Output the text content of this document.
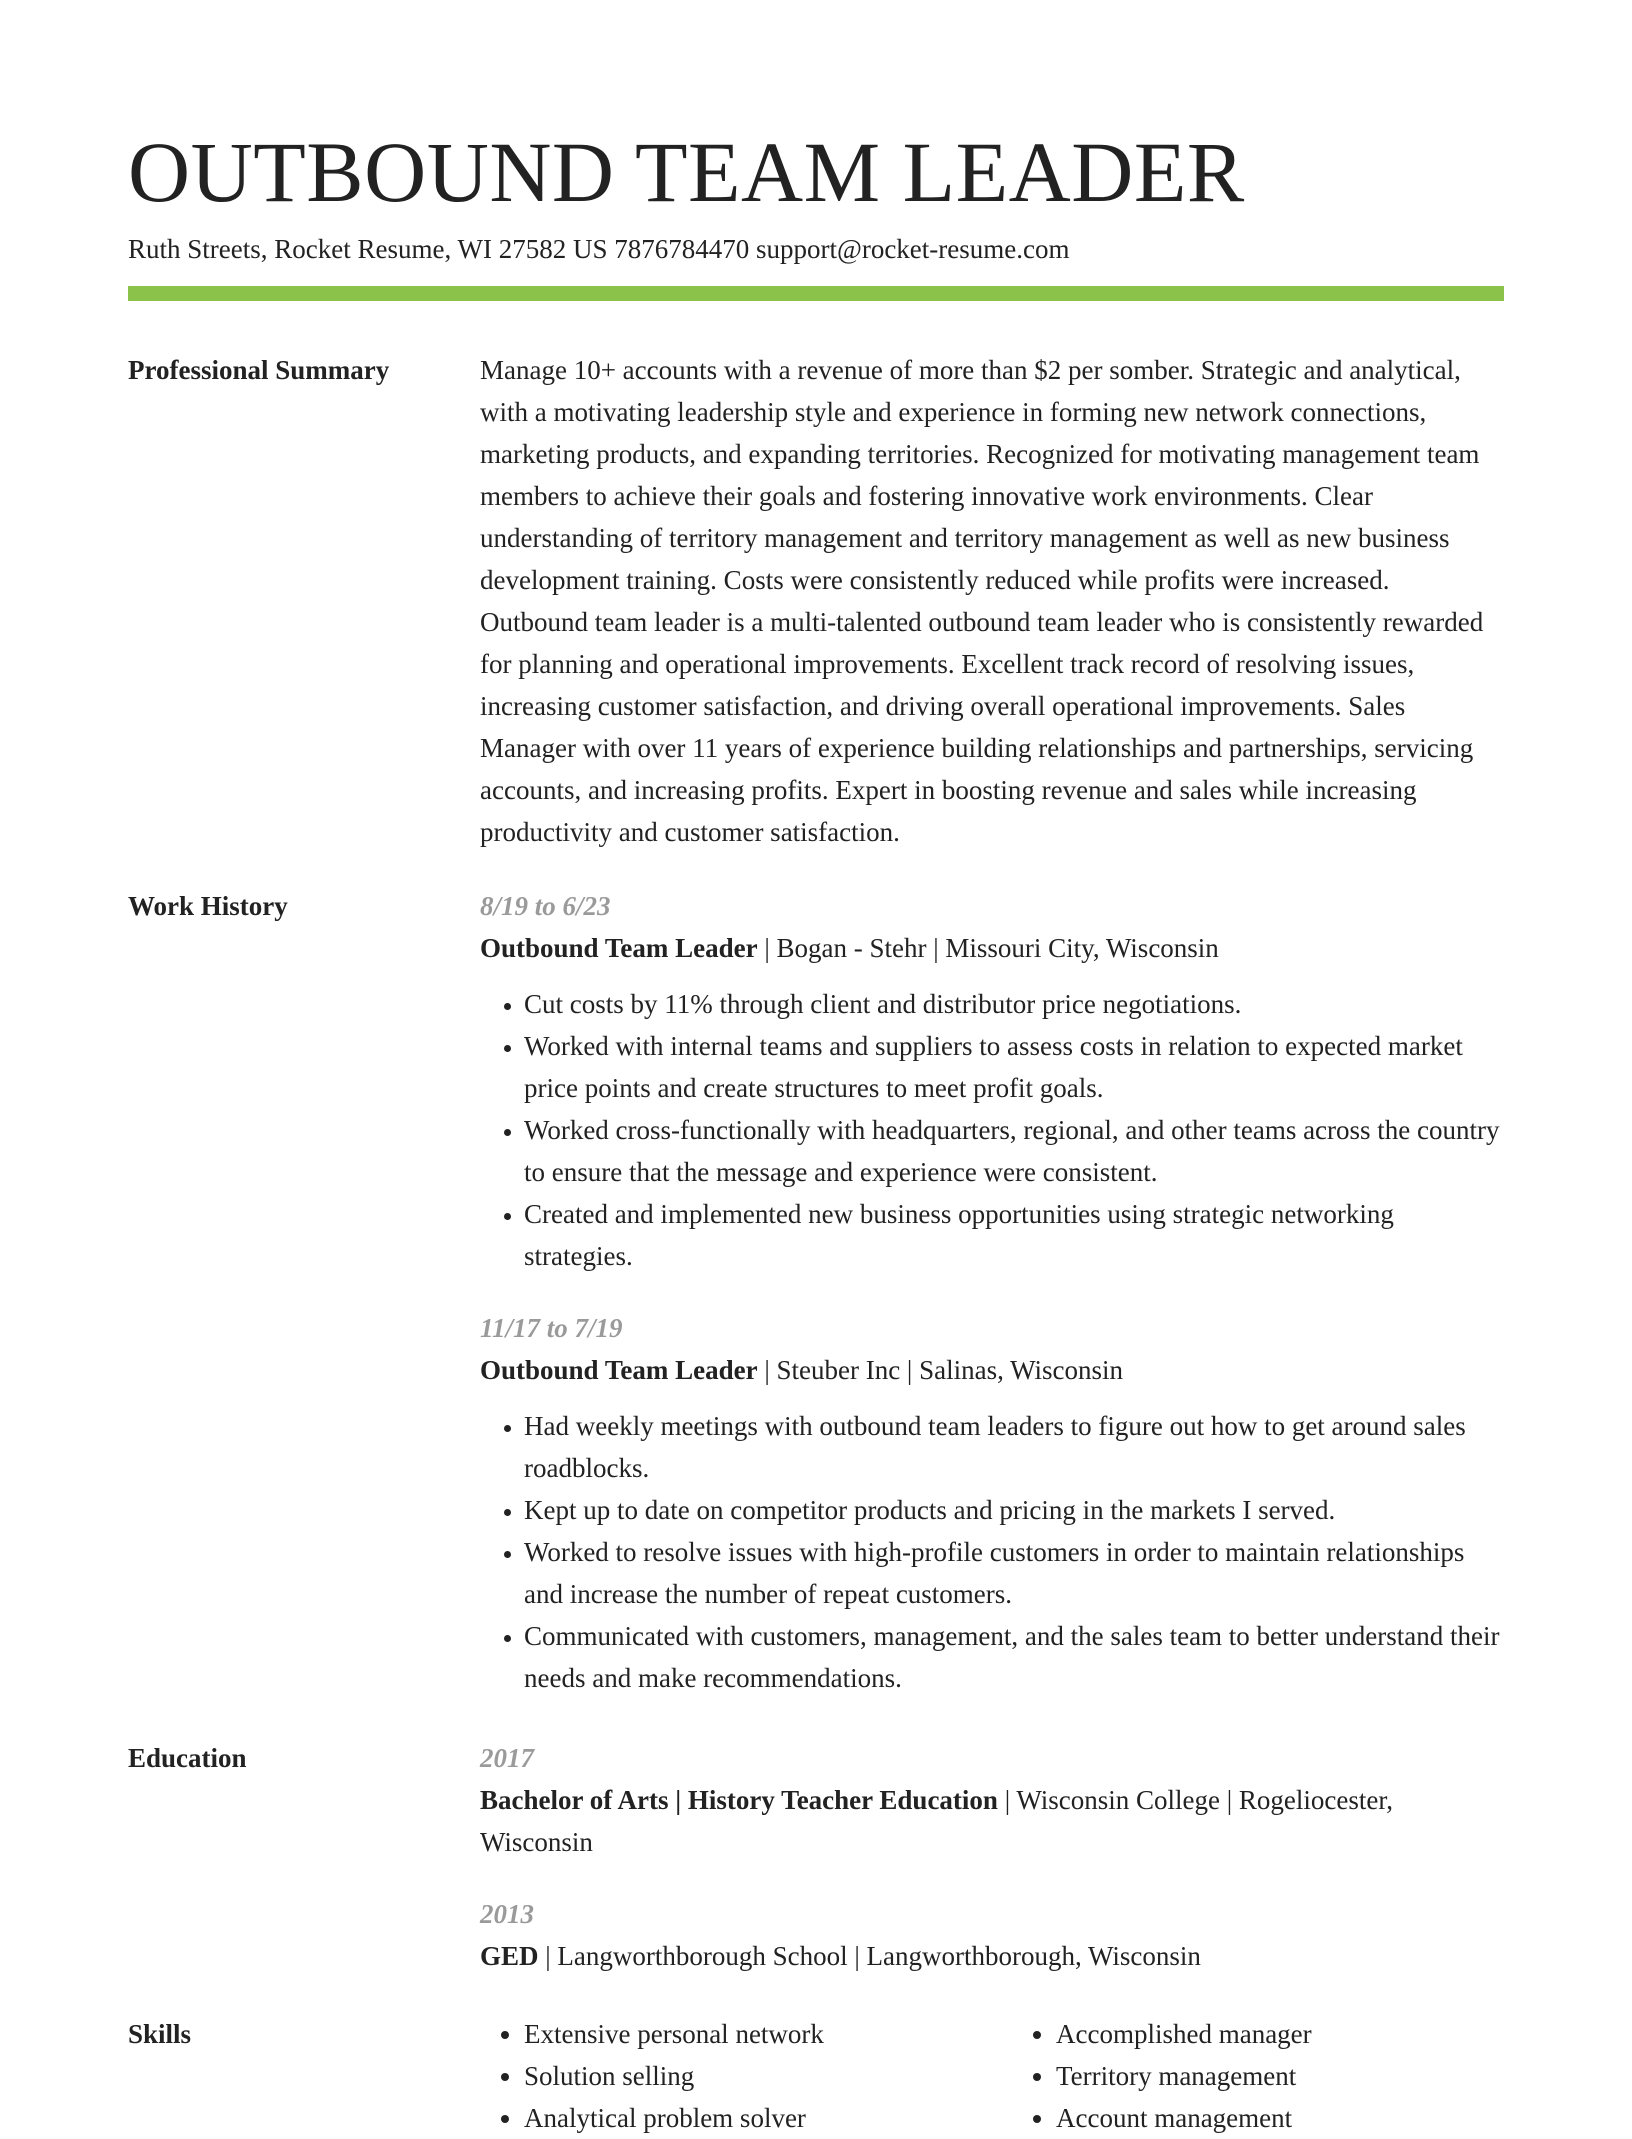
OUTBOUND TEAM LEADER
Ruth Streets, Rocket Resume, WI 27582 US 7876784470 support@rocket-resume.com
Professional Summary	Manage 10+ accounts with a revenue of more than $2 per somber. Strategic and analytical, with a motivating leadership style and experience in forming new network connections, marketing products, and expanding territories. Recognized for motivating management team members to achieve their goals and fostering innovative work environments. Clear understanding of territory management and territory management as well as new business development training. Costs were consistently reduced while profits were increased. Outbound team leader is a multi-talented outbound team leader who is consistently rewarded for planning and operational improvements. Excellent track record of resolving issues, increasing customer satisfaction, and driving overall operational improvements. Sales Manager with over 11 years of experience building relationships and partnerships, servicing accounts, and increasing profits. Expert in boosting revenue and sales while increasing productivity and customer satisfaction.

Work History	8/19 to 6/23
Outbound Team Leader | Bogan - Stehr | Missouri City, Wisconsin
• Cut costs by 11% through client and distributor price negotiations.
• Worked with internal teams and suppliers to assess costs in relation to expected market price points and create structures to meet profit goals.
• Worked cross-functionally with headquarters, regional, and other teams across the country to ensure that the message and experience were consistent.
• Created and implemented new business opportunities using strategic networking strategies.
11/17 to 7/19
Outbound Team Leader | Steuber Inc | Salinas, Wisconsin
• Had weekly meetings with outbound team leaders to figure out how to get around sales roadblocks.
• Kept up to date on competitor products and pricing in the markets I served.
• Worked to resolve issues with high-profile customers in order to maintain relationships and increase the number of repeat customers.
• Communicated with customers, management, and the sales team to better understand their needs and make recommendations.
Education	2017
Bachelor of Arts | History Teacher Education | Wisconsin College | Rogeliocester, Wisconsin
2013
GED | Langworthborough School | Langworthborough, Wisconsin
Skills
•	Extensive personal network
• Solution selling
• Analytical problem solver
• Accomplished manager
• Territory management
• Account management
